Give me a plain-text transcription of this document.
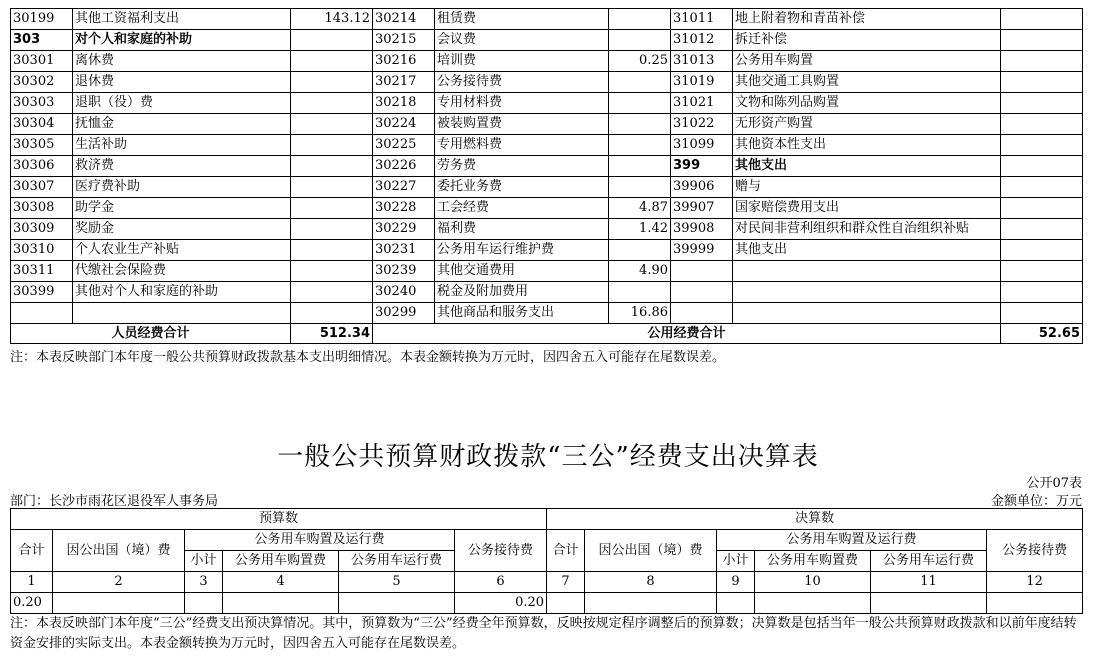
30199	其他工资福利支出	143.12	30214	租赁费		31011	地上附着物和青苗补偿	
303	对个人和家庭的补助		30215	会议费		31012	拆迁补偿	
30301	离休费		30216	培训费	0.25	31013	公务用车购置	
30302	退休费		30217	公务接待费		31019	其他交通工具购置	
30303	退职（役）费		30218	专用材料费		31021	文物和陈列品购置	
30304	抚恤金		30224	被装购置费		31022	无形资产购置	
30305	生活补助		30225	专用燃料费		31099	其他资本性支出	
30306	救济费		30226	劳务费		399	其他支出	
30307	医疗费补助		30227	委托业务费		39906	赠与	
30308	助学金		30228	工会经费	4.87	39907	国家赔偿费用支出	
30309	奖励金		30229	福利费	1.42	39908	对民间非营利组织和群众性自治组织补贴	
30310	个人农业生产补贴		30231	公务用车运行维护费		39999	其他支出	
30311	代缴社会保险费		30239	其他交通费用	4.90			
30399	其他对个人和家庭的补助		30240	税金及附加费用				
			30299	其他商品和服务支出	16.86			
人员经费合计		512.34	公用经费合计					52.65
注：本表反映部门本年度一般公共预算财政拨款基本支出明细情况。本表金额转换为万元时，因四舍五入可能存在尾数误差。
一般公共预算财政拨款“三公”经费支出决算表
公开07表
部门：长沙市雨花区退役军人事务局	金额单位：万元
预算数						决算数					
合计	因公出国（境）费	公务用车购置及运行费			公务接待费	合计	因公出国（境）费	公务用车购置及运行费			公务接待费
		小计	公务用车购置费	公务用车运行费				小计	公务用车购置费	公务用车运行费	
1	2	3	4	5	6	7	8	9	10	11	12
0.20					0.20						
注：本表反映部门本年度“三公”经费支出预决算情况。其中，预算数为“三公”经费全年预算数，反映按规定程序调整后的预算数；决算数是包括当年一般公共预算财政拨款和以前年度结转资金安排的实际支出。本表金额转换为万元时，因四舍五入可能存在尾数误差。
